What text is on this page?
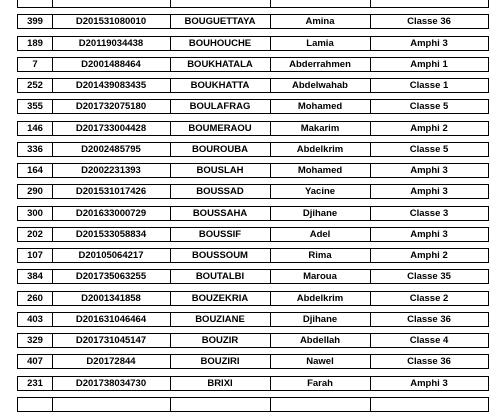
399	D201531080010	BOUGUETTAYA	Amina	Classe 36
189	D20119034438	BOUHOUCHE	Lamia	Amphi 3
7	D2001488464	BOUKHATALA	Abderrahmen	Amphi 1
252	D201439083435	BOUKHATTA	Abdelwahab	Classe 1
355	D201732075180	BOULAFRAG	Mohamed	Classe 5
146	D201733004428	BOUMERAOU	Makarim	Amphi 2
336	D2002485795	BOUROUBA	Abdelkrim	Classe 5
164	D2002231393	BOUSLAH	Mohamed	Amphi 3
290	D201531017426	BOUSSAD	Yacine	Amphi 3
300	D201633000729	BOUSSAHA	Djihane	Classe 3
202	D201533058834	BOUSSIF	Adel	Amphi 3
107	D20105064217	BOUSSOUM	Rima	Amphi 2
384	D201735063255	BOUTALBI	Maroua	Classe 35
260	D2001341858	BOUZEKRIA	Abdelkrim	Classe 2
403	D201631046464	BOUZIANE	Djihane	Classe 36
329	D201731045147	BOUZIR	Abdellah	Classe 4
407	D20172844	BOUZIRI	Nawel	Classe 36
231	D201738034730	BRIXI	Farah	Amphi 3
